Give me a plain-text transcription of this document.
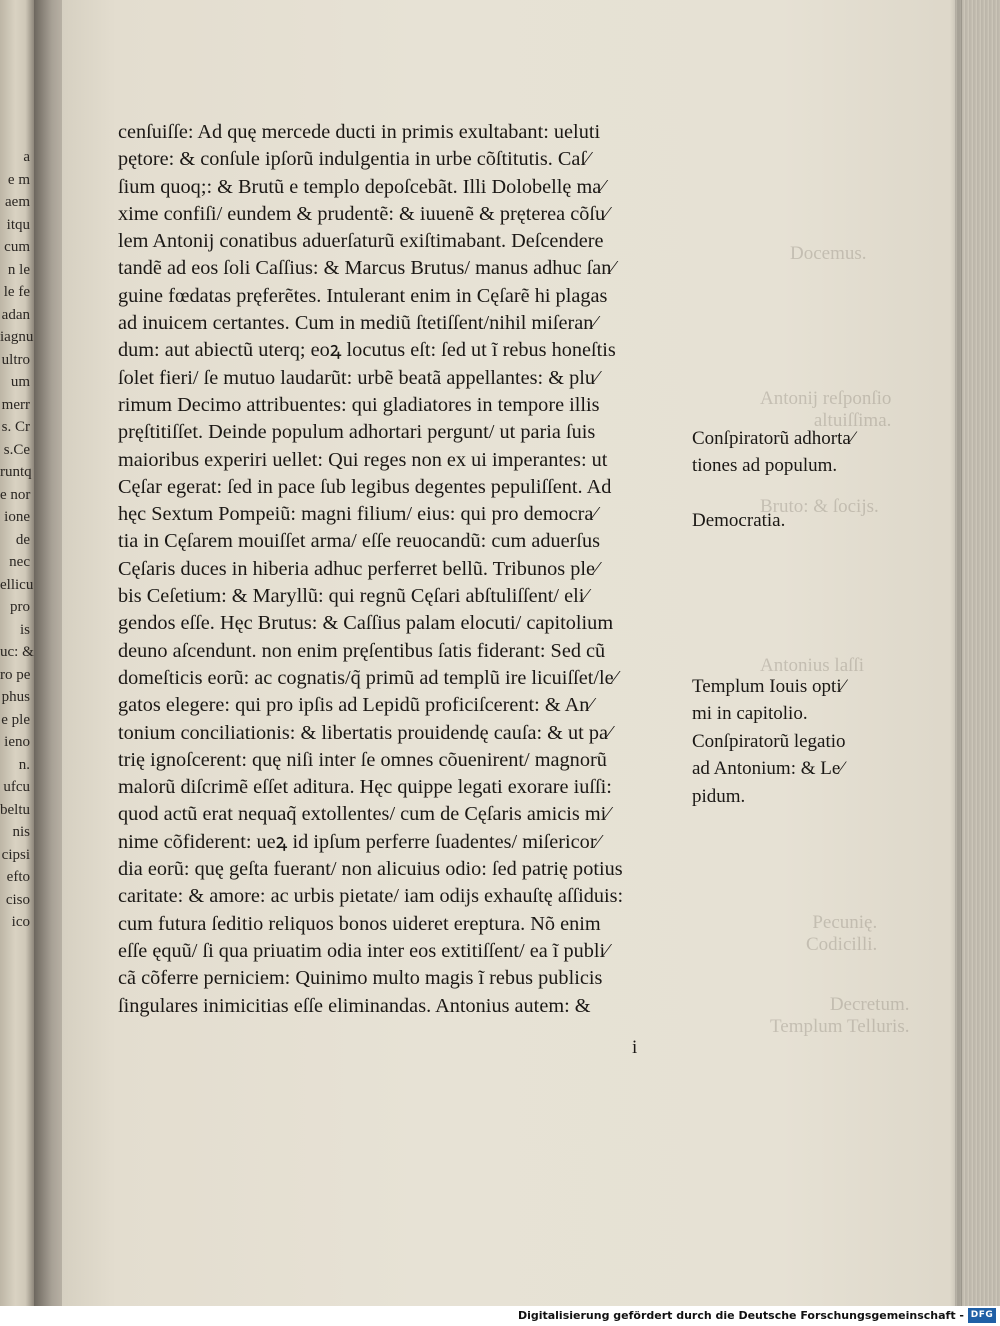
a
e m
aem
itqu
cum
n le
le fe
adan
iagnu
ultro
um
merr
s. Cr
s.Ce
runtq
e nor
ione
de
nec
ellicu
pro
is
uc: &
ro pe
phus
e ple
ieno
n.
ufcu
beltu
nis
cipsi
efto
ciso
ico
Docemus.
Antonij reſponſio
altuiſſima.
Bruto: & ſocijs.
Antonius laſſi
Pecunię.
Codicilli.
Decretum.
Templum Telluris.
cenſuiſſe: Ad quę mercede ducti in primis exultabant: ueluti
pętore: & conſule ipſorũ indulgentia in urbe cõſtitutis. Caſ⁄
ſium quoq;: & Brutũ e templo depoſcebãt. Illi Dolobellę ma⁄
xime confiſi/ eundem & prudentẽ: & iuuenẽ & pręterea cõſu⁄
lem Antonij conatibus aduerſaturũ exiſtimabant. Deſcendere
tandẽ ad eos ſoli Caſſius: & Marcus Brutus/ manus adhuc ſan⁄
guine fœdatas pręferẽtes. Intulerant enim in Cęſarẽ hi plagas
ad inuicem certantes. Cum in mediũ ſtetiſſent/nihil miſeran⁄
dum: aut abiectũ uterq; eoꝝ locutus eſt: ſed ut ĩ rebus honeſtis
ſolet fieri/ ſe mutuo laudarũt: urbẽ beatã appellantes: & plu⁄
rimum Decimo attribuentes: qui gladiatores in tempore illis
pręſtitiſſet. Deinde populum adhortari pergunt/ ut paria ſuis
maioribus experiri uellet: Qui reges non ex ui imperantes: ut
Cęſar egerat: ſed in pace ſub legibus degentes pepuliſſent. Ad
hęc Sextum Pompeiũ: magni filium/ eius: qui pro democra⁄
tia in Cęſarem mouiſſet arma/ eſſe reuocandũ: cum aduerſus
Cęſaris duces in hiberia adhuc perferret bellũ. Tribunos ple⁄
bis Ceſetium: & Maryllũ: qui regnũ Cęſari abſtuliſſent/ eli⁄
gendos eſſe. Hęc Brutus: & Caſſius palam elocuti/ capitolium
deuno aſcendunt. non enim pręſentibus ſatis fiderant: Sed cũ
domeſticis eorũ: ac cognatis/q̃ primũ ad templũ ire licuiſſet/le⁄
gatos elegere: qui pro ipſis ad Lepidũ proficiſcerent: & An⁄
tonium conciliationis: & libertatis prouidendę cauſa: & ut pa⁄
trię ignoſcerent: quę niſi inter ſe omnes cõuenirent/ magnorũ
malorũ diſcrimẽ eſſet aditura. Hęc quippe legati exorare iuſſi:
quod actũ erat nequaq̃ extollentes/ cum de Cęſaris amicis mi⁄
nime cõfiderent: ueꝝ id ipſum perferre ſuadentes/ miſericor⁄
dia eorũ: quę geſta fuerant/ non alicuius odio: ſed patrię potius
caritate: & amore: ac urbis pietate/ iam odijs exhauſtę aſſiduis:
cum futura ſeditio reliquos bonos uideret ereptura. Nõ enim
eſſe ęquũ/ ſi qua priuatim odia inter eos extitiſſent/ ea ĩ publi⁄
cã cõferre perniciem: Quinimo multo magis ĩ rebus publicis
ſingulares inimicitias eſſe eliminandas. Antonius autem: &
Conſpiratorũ adhorta⁄
tiones ad populum.
Democratia.
Templum Iouis opti⁄
mi in capitolio.
Conſpiratorũ legatio
ad Antonium: & Le⁄
pidum.
i
Digitalisierung gefördert durch die Deutsche Forschungsgemeinschaft - DFG
